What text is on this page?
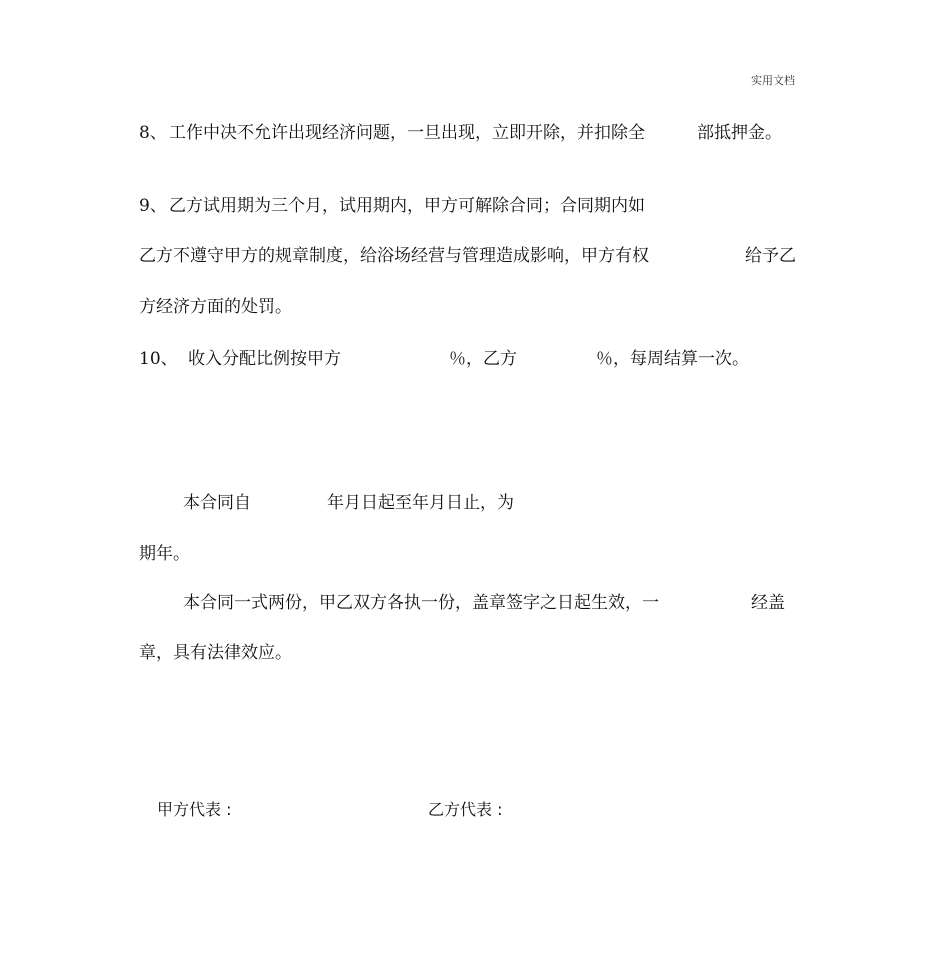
实用文档
8、 工作中决不允许出现经济问题，一旦出现，立即开除，并扣除全	部抵押金。
9、 乙方试用期为三个月，试用期内，甲方可解除合同；合同期内如
乙方不遵守甲方的规章制度，给浴场经营与管理造成影响，甲方有权	给予乙
方经济方面的处罚。
10、 收入分配比例按甲方	％，乙方	％，每周结算一次。
本合同自	年月日起至年月日止，为
期年。
本合同一式两份，甲乙双方各执一份，盖章签字之日起生效，一	经盖
章，具有法律效应。
甲方代表 :	乙方代表 :
